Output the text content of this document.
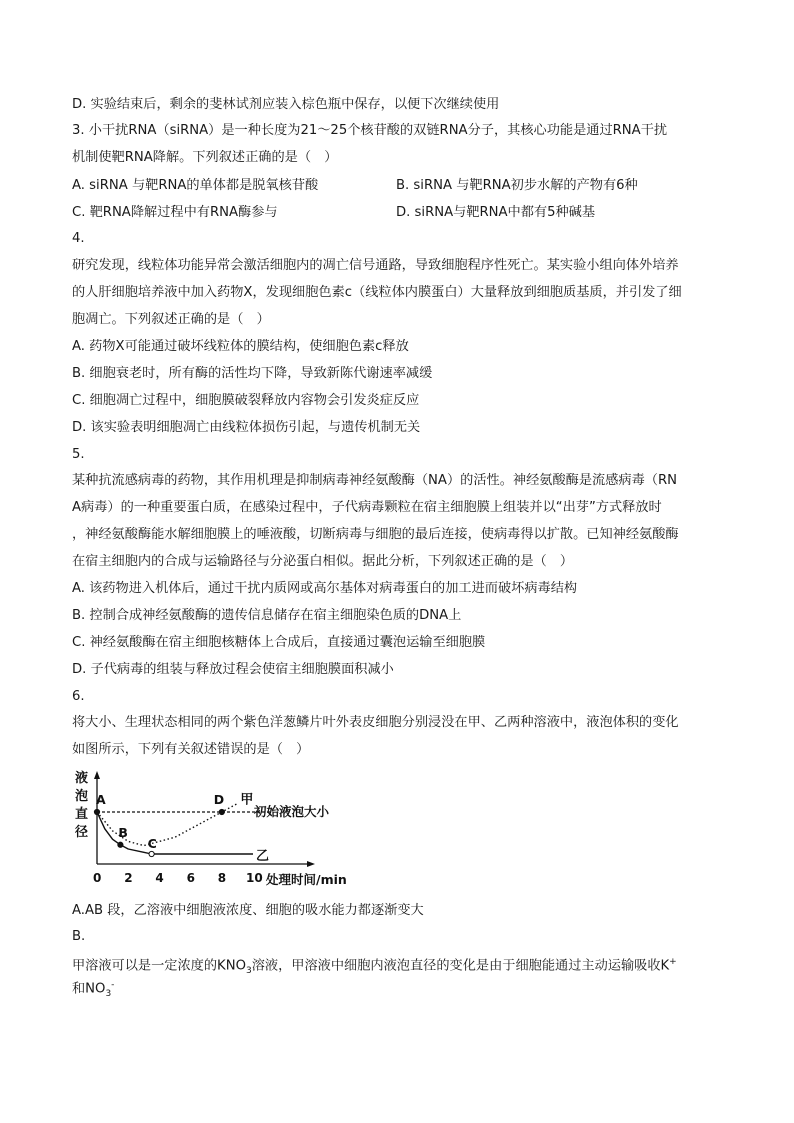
D. 实验结束后，剩余的斐林试剂应装入棕色瓶中保存，以便下次继续使用
3. 小干扰RNA（siRNA）是一种长度为21～25个核苷酸的双链RNA分子，其核心功能是通过RNA干扰
机制使靶RNA降解。下列叙述正确的是（　）
A. siRNA 与靶RNA的单体都是脱氧核苷酸	B. siRNA 与靶RNA初步水解的产物有6种
C. 靶RNA降解过程中有RNA酶参与	D. siRNA与靶RNA中都有5种碱基
4.
研究发现，线粒体功能异常会激活细胞内的凋亡信号通路，导致细胞程序性死亡。某实验小组向体外培养
的人肝细胞培养液中加入药物X，发现细胞色素c（线粒体内膜蛋白）大量释放到细胞质基质，并引发了细
胞凋亡。下列叙述正确的是（　）
A. 药物X可能通过破坏线粒体的膜结构，使细胞色素c释放
B. 细胞衰老时，所有酶的活性均下降，导致新陈代谢速率减缓
C. 细胞凋亡过程中，细胞膜破裂释放内容物会引发炎症反应
D. 该实验表明细胞凋亡由线粒体损伤引起，与遗传机制无关
5.
某种抗流感病毒的药物，其作用机理是抑制病毒神经氨酸酶（NA）的活性。神经氨酸酶是流感病毒（RN
A病毒）的一种重要蛋白质，在感染过程中，子代病毒颗粒在宿主细胞膜上组装并以“出芽”方式释放时
，神经氨酸酶能水解细胞膜上的唾液酸，切断病毒与细胞的最后连接，使病毒得以扩散。已知神经氨酸酶
在宿主细胞内的合成与运输路径与分泌蛋白相似。据此分析，下列叙述正确的是（　）
A. 该药物进入机体后，通过干扰内质网或高尔基体对病毒蛋白的加工进而破坏病毒结构
B. 控制合成神经氨酸酶的遗传信息储存在宿主细胞染色质的DNA上
C. 神经氨酸酶在宿主细胞核糖体上合成后，直接通过囊泡运输至细胞膜
D. 子代病毒的组装与释放过程会使宿主细胞膜面积减小
6.
将大小、生理状态相同的两个紫色洋葱鳞片叶外表皮细胞分别浸没在甲、乙两种溶液中，液泡体积的变化
如图所示，下列有关叙述错误的是（　）
液
泡
直
径
0 2 4 6 8 10 处理时间/min
初始液泡大小
甲
乙
A
B
C
D
A.AB 段，乙溶液中细胞液浓度、细胞的吸水能力都逐渐变大
B.
甲溶液可以是一定浓度的$KNO_3$溶液，甲溶液中细胞内液泡直径的变化是由于细胞能通过主动运输吸收K+
和$NO_3^-$
